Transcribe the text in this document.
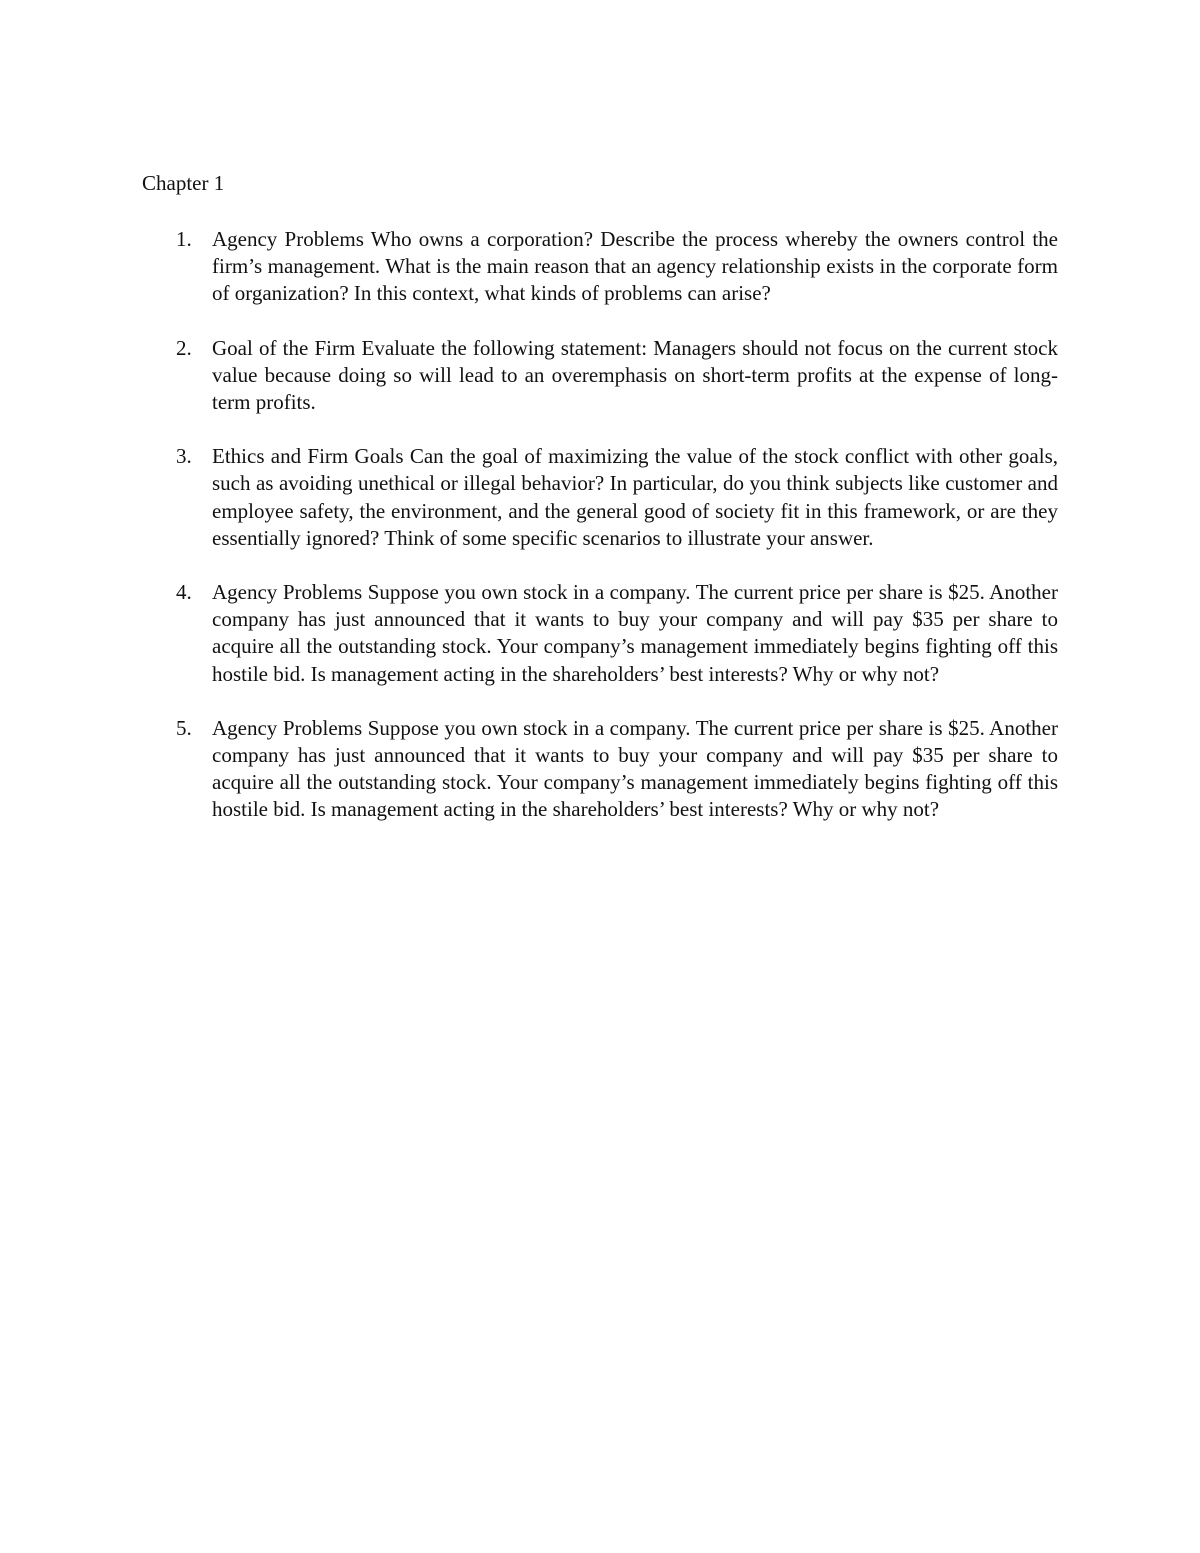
Chapter 1
1. Agency Problems Who owns a corporation? Describe the process whereby the owners control the firm’s management. What is the main reason that an agency relationship exists in the corporate form of organization? In this context, what kinds of problems can arise?
2. Goal of the Firm Evaluate the following statement: Managers should not focus on the current stock value because doing so will lead to an overemphasis on short-term profits at the expense of long-term profits.
3. Ethics and Firm Goals Can the goal of maximizing the value of the stock conflict with other goals, such as avoiding unethical or illegal behavior? In particular, do you think subjects like customer and employee safety, the environment, and the general good of society fit in this framework, or are they essentially ignored? Think of some specific scenarios to illustrate your answer.
4. Agency Problems Suppose you own stock in a company. The current price per share is $25. Another company has just announced that it wants to buy your company and will pay $35 per share to acquire all the outstanding stock. Your company’s management immediately begins fighting off this hostile bid. Is management acting in the shareholders’ best interests? Why or why not?
5. Agency Problems Suppose you own stock in a company. The current price per share is $25. Another company has just announced that it wants to buy your company and will pay $35 per share to acquire all the outstanding stock. Your company’s management immediately begins fighting off this hostile bid. Is management acting in the shareholders’ best interests? Why or why not?
